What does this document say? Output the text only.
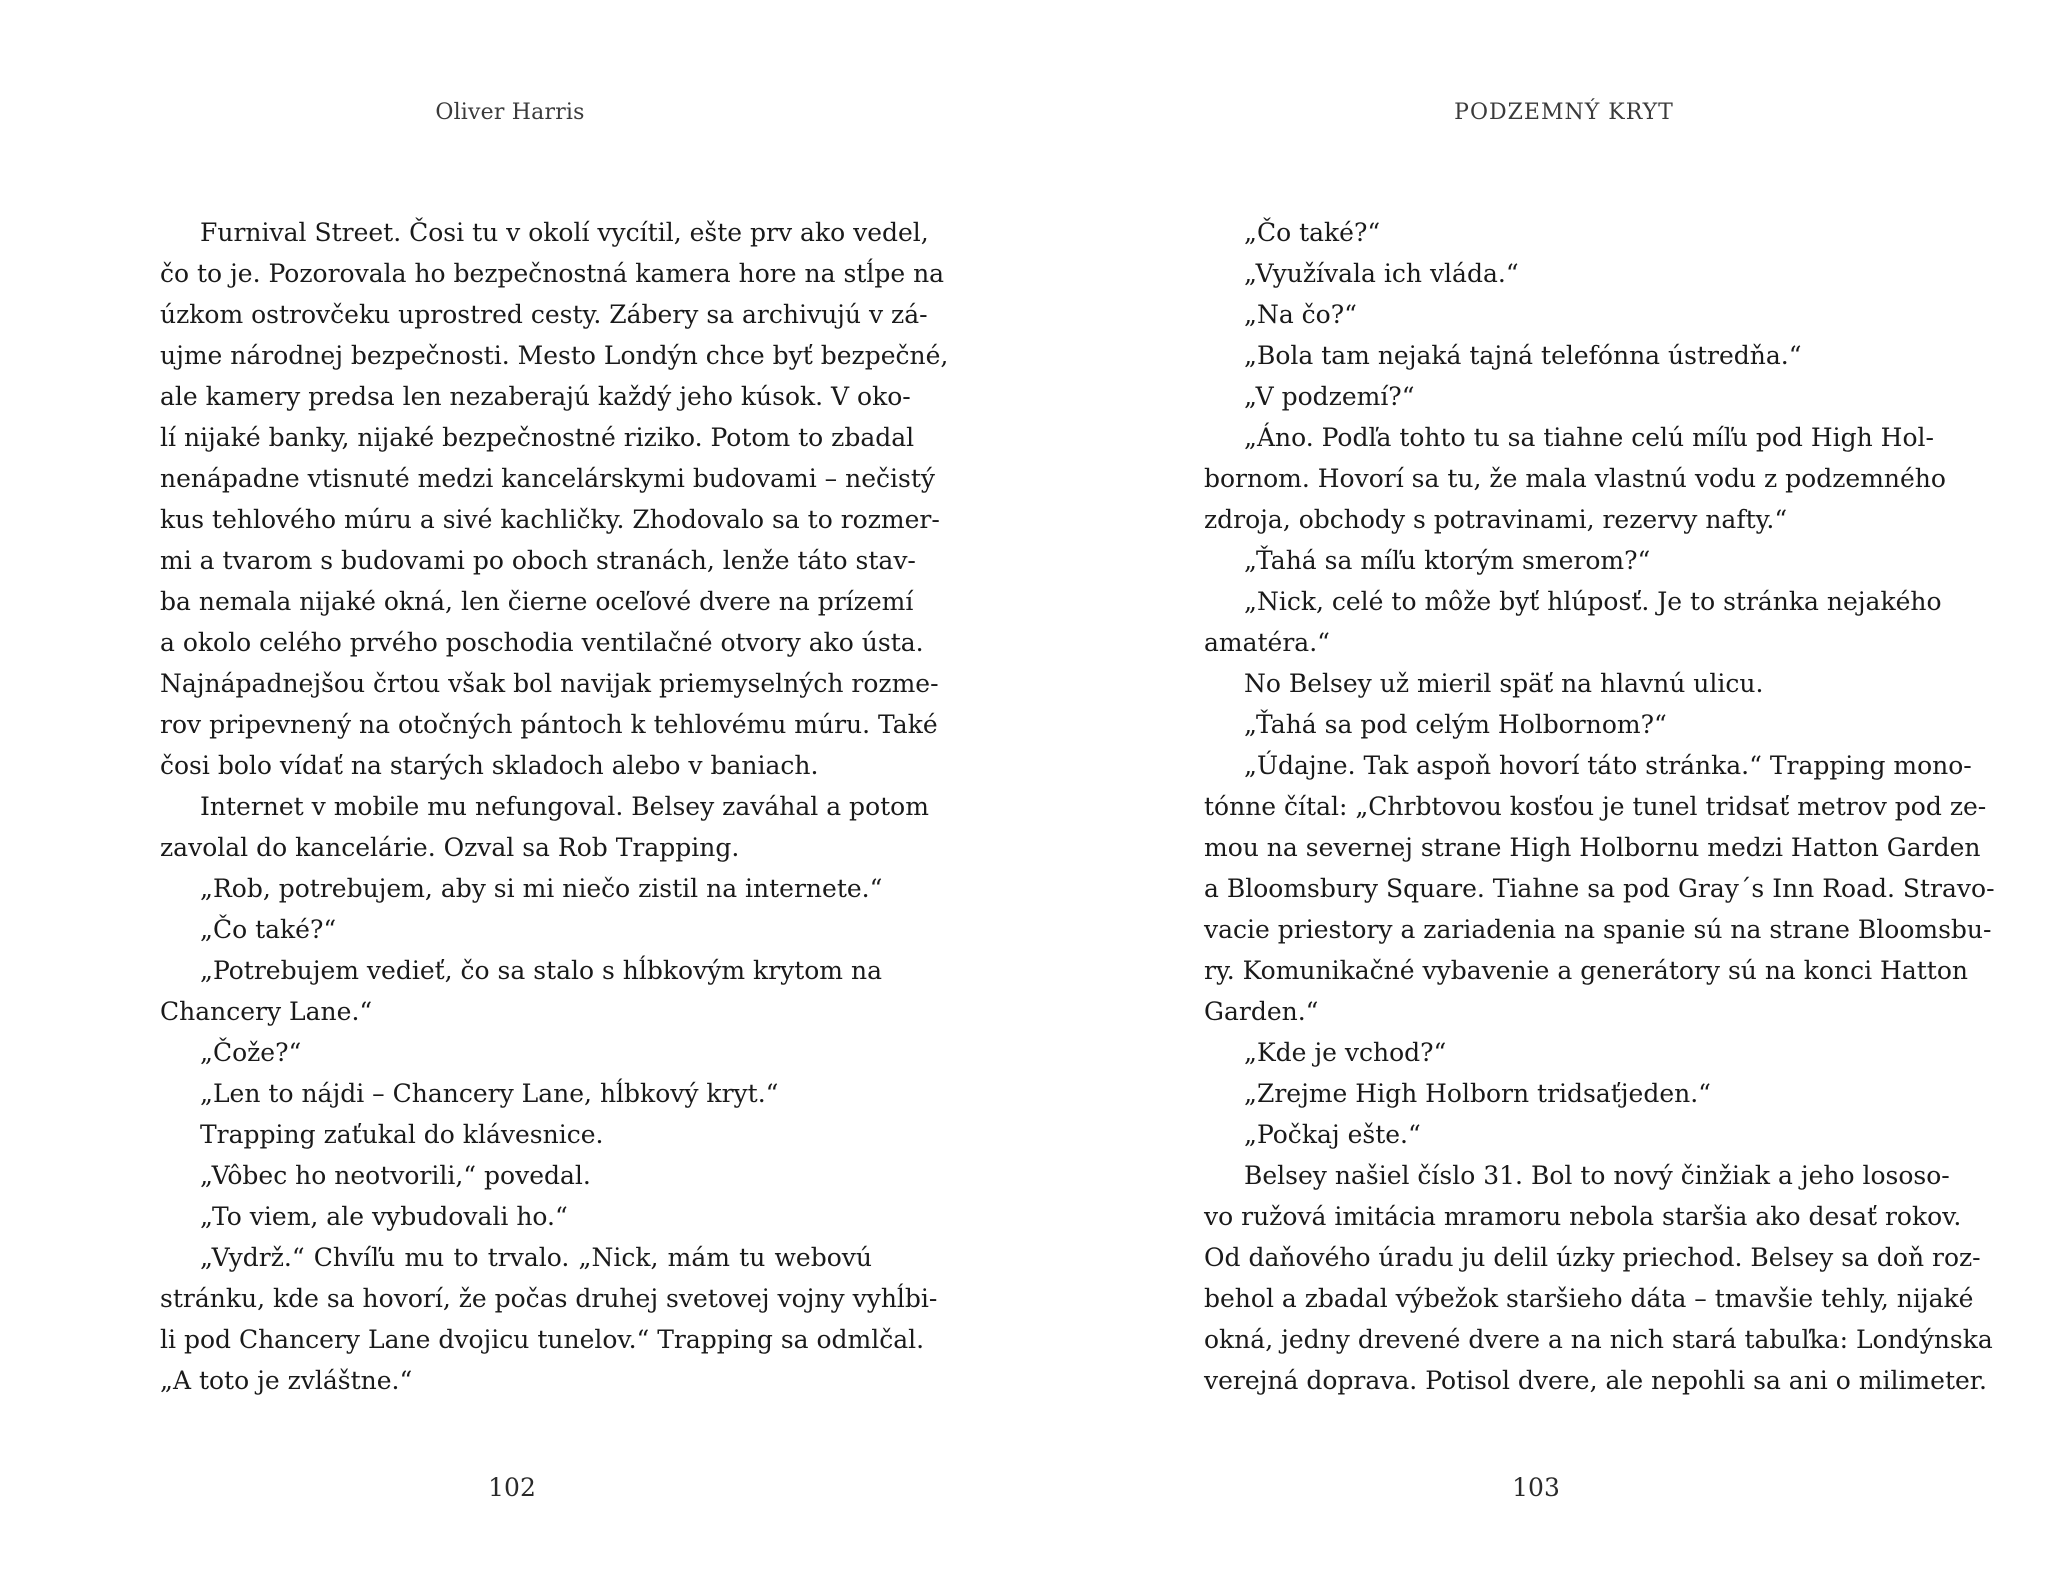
Oliver Harris
Furnival Street. Čosi tu v okolí vycítil, ešte prv ako vedel,
čo to je. Pozorovala ho bezpečnostná kamera hore na stĺpe na
úzkom ostrovčeku uprostred cesty. Zábery sa archivujú v zá-
ujme národnej bezpečnosti. Mesto Londýn chce byť bezpečné,
ale kamery predsa len nezaberajú každý jeho kúsok. V oko-
lí nijaké banky, nijaké bezpečnostné riziko. Potom to zbadal
nenápadne vtisnuté medzi kancelárskymi budovami – nečistý
kus tehlového múru a sivé kachličky. Zhodovalo sa to rozmer-
mi a tvarom s budovami po oboch stranách, lenže táto stav-
ba nemala nijaké okná, len čierne oceľové dvere na prízemí
a okolo celého prvého poschodia ventilačné otvory ako ústa.
Najnápadnejšou črtou však bol navijak priemyselných rozme-
rov pripevnený na otočných pántoch k tehlovému múru. Také
čosi bolo vídať na starých skladoch alebo v baniach.
Internet v mobile mu nefungoval. Belsey zaváhal a potom
zavolal do kancelárie. Ozval sa Rob Trapping.
„Rob, potrebujem, aby si mi niečo zistil na internete.“
„Čo také?“
„Potrebujem vedieť, čo sa stalo s hĺbkovým krytom na
Chancery Lane.“
„Čože?“
„Len to nájdi – Chancery Lane, hĺbkový kryt.“
Trapping zaťukal do klávesnice.
„Vôbec ho neotvorili,“ povedal.
„To viem, ale vybudovali ho.“
„Vydrž.“ Chvíľu mu to trvalo. „Nick, mám tu webovú
stránku, kde sa hovorí, že počas druhej svetovej vojny vyhĺbi-
li pod Chancery Lane dvojicu tunelov.“ Trapping sa odmlčal.
„A toto je zvláštne.“
102
PODZEMNÝ KRYT
„Čo také?“
„Využívala ich vláda.“
„Na čo?“
„Bola tam nejaká tajná telefónna ústredňa.“
„V podzemí?“
„Áno. Podľa tohto tu sa tiahne celú míľu pod High Hol-
bornom. Hovorí sa tu, že mala vlastnú vodu z podzemného
zdroja, obchody s potravinami, rezervy nafty.“
„Ťahá sa míľu ktorým smerom?“
„Nick, celé to môže byť hlúposť. Je to stránka nejakého
amatéra.“
No Belsey už mieril späť na hlavnú ulicu.
„Ťahá sa pod celým Holbornom?“
„Údajne. Tak aspoň hovorí táto stránka.“ Trapping mono-
tónne čítal: „Chrbtovou kosťou je tunel tridsať metrov pod ze-
mou na severnej strane High Holbornu medzi Hatton Garden
a Bloomsbury Square. Tiahne sa pod Gray´s Inn Road. Stravo-
vacie priestory a zariadenia na spanie sú na strane Bloomsbu-
ry. Komunikačné vybavenie a generátory sú na konci Hatton
Garden.“
„Kde je vchod?“
„Zrejme High Holborn tridsaťjeden.“
„Počkaj ešte.“
Belsey našiel číslo 31. Bol to nový činžiak a jeho lososo-
vo ružová imitácia mramoru nebola staršia ako desať rokov.
Od daňového úradu ju delil úzky priechod. Belsey sa doň roz-
behol a zbadal výbežok staršieho dáta – tmavšie tehly, nijaké
okná, jedny drevené dvere a na nich stará tabuľka: Londýnska
verejná doprava. Potisol dvere, ale nepohli sa ani o milimeter.
103
